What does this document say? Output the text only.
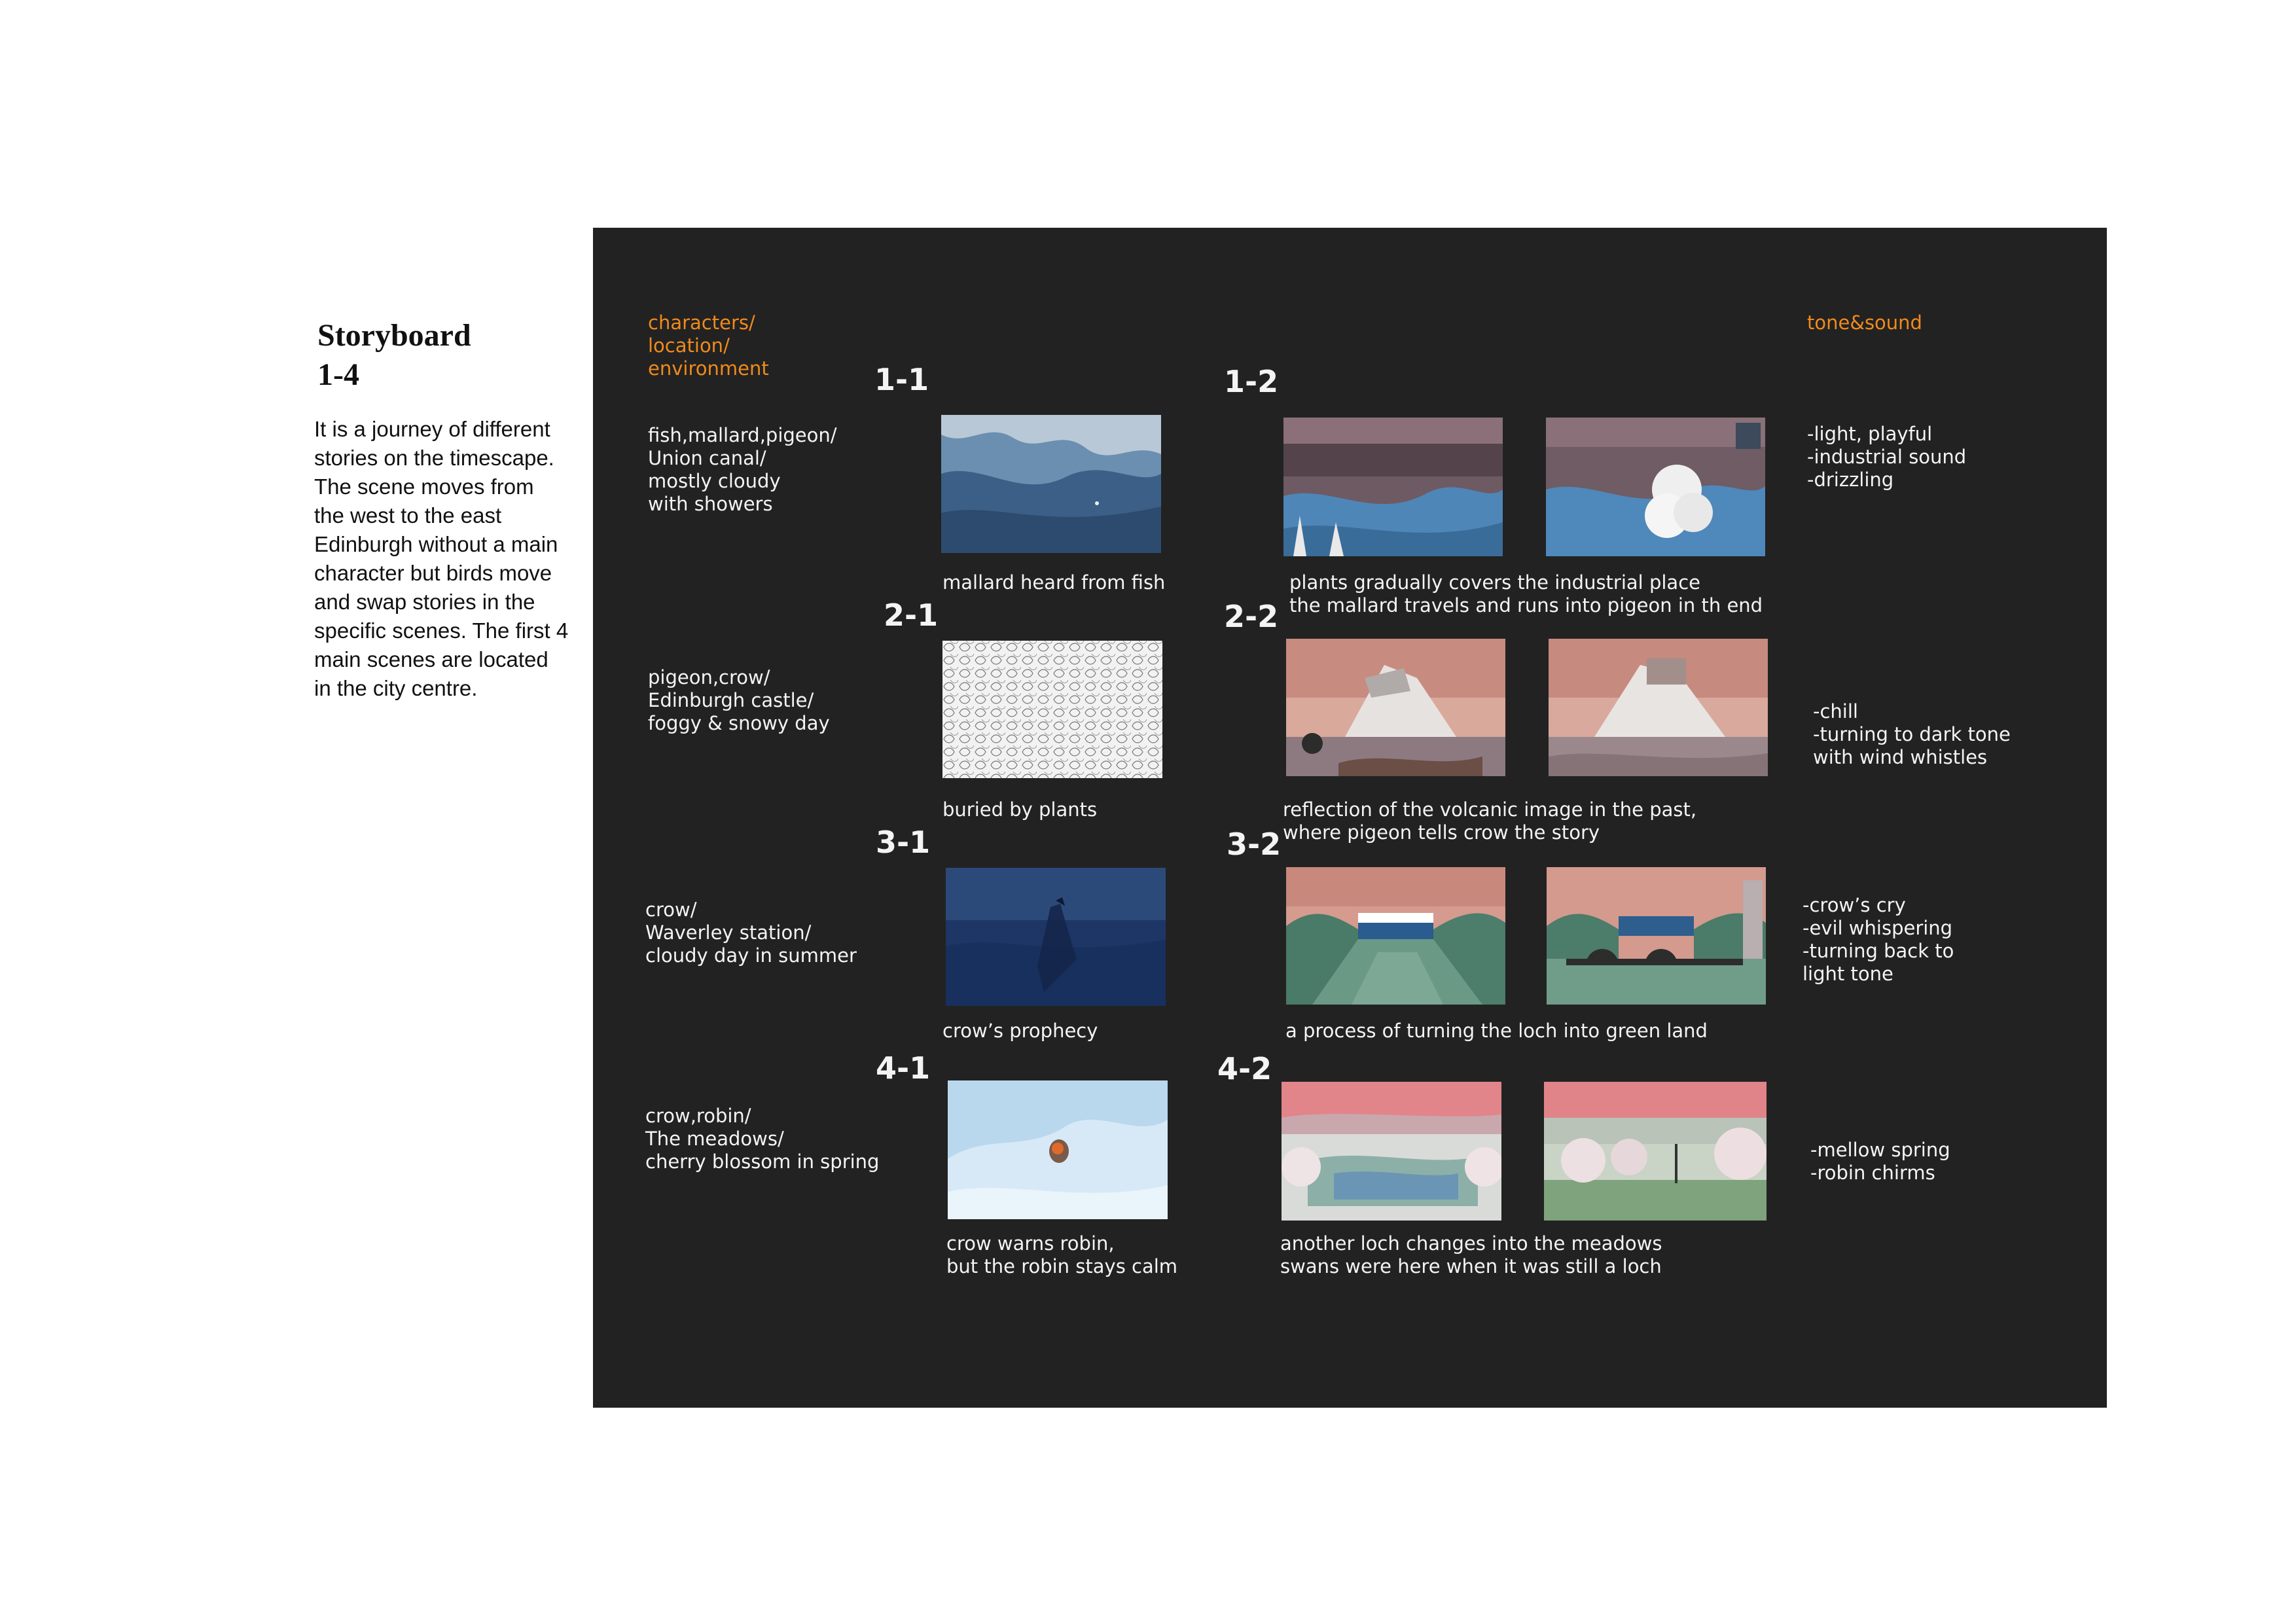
Storyboard
1-4
It is a journey of different stories on the timescape. The scene moves from the west to the east Edinburgh without a main character but birds move and swap stories in the specific scenes. The first 4 main scenes are located in the city centre.
characters/
location/
environment
tone&sound
fish,mallard,pigeon/
Union canal/
mostly cloudy
with showers
1-1
mallard heard from fish
1-2
plants gradually covers the industrial place
the mallard travels and runs into pigeon in th end
-light, playful
-industrial sound
-drizzling
pigeon,crow/
Edinburgh castle/
foggy & snowy day
2-1
buried by plants
2-2
reflection of the volcanic image in the past,
where pigeon tells crow the story
-chill
-turning to dark tone
with wind whistles
crow/
Waverley station/
cloudy day in summer
3-1
crow’s prophecy
3-2
a process of turning the loch into green land
-crow’s cry
-evil whispering
-turning back to
light tone
crow,robin/
The meadows/
cherry blossom in spring
4-1
crow warns robin,
but the robin stays calm
4-2
another loch changes into the meadows
swans were here when it was still a loch
-mellow spring
-robin chirms
